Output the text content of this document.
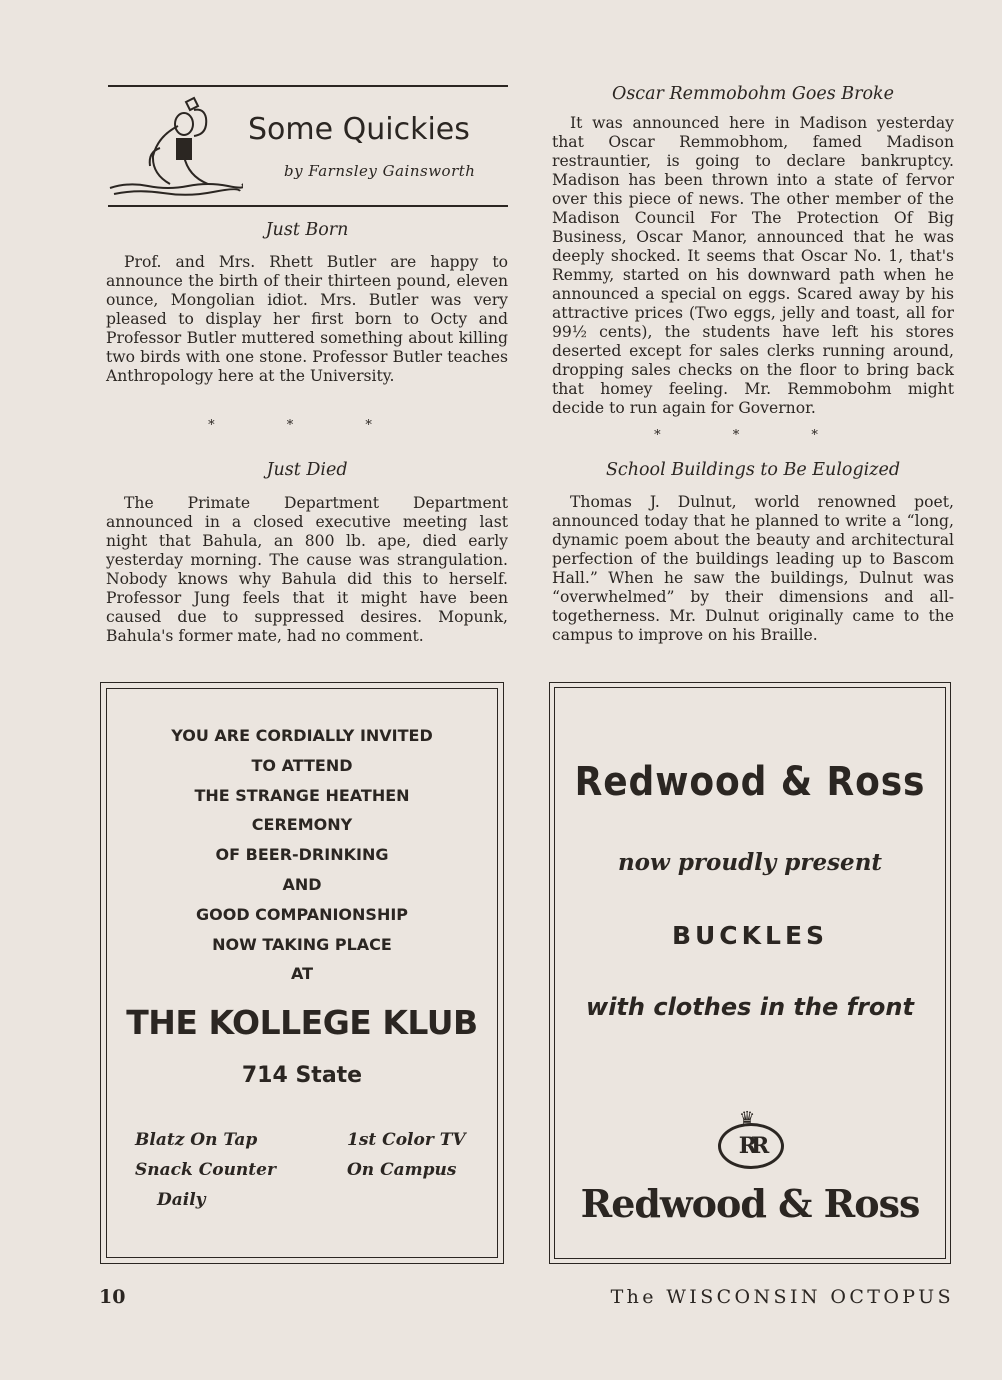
Some Quickies
by Farnsley Gainsworth

Just Born

Prof. and Mrs. Rhett Butler are happy to announce the birth of their thirteen pound, eleven ounce, Mongolian idiot. Mrs. Butler was very pleased to display her first born to Octy and Professor Butler muttered something about killing two birds with one stone. Professor Butler teaches Anthropology here at the University.

* * *

Just Died

The Primate Department Department announced in a closed executive meeting last night that Bahula, an 800 lb. ape, died early yesterday morning. The cause was strangulation. Nobody knows why Bahula did this to herself. Professor Jung feels that it might have been caused due to suppressed desires. Mopunk, Bahula's former mate, had no comment.

Oscar Remmobohm Goes Broke

It was announced here in Madison yesterday that Oscar Remmobhom, famed Madison restrauntier, is going to declare bankruptcy. Madison has been thrown into a state of fervor over this piece of news. The other member of the Madison Council For The Protection Of Big Business, Oscar Manor, announced that he was deeply shocked. It seems that Oscar No. 1, that's Remmy, started on his downward path when he announced a special on eggs. Scared away by his attractive prices (Two eggs, jelly and toast, all for 99½ cents), the students have left his stores deserted except for sales clerks running around, dropping sales checks on the floor to bring back that homey feeling. Mr. Remmobohm might decide to run again for Governor.

* * *

School Buildings to Be Eulogized

Thomas J. Dulnut, world renowned poet, announced today that he planned to write a “long, dynamic poem about the beauty and architectural perfection of the buildings leading up to Bascom Hall.” When he saw the buildings, Dulnut was “overwhelmed” by their dimensions and all-togetherness. Mr. Dulnut originally came to the campus to improve on his Braille.

YOU ARE CORDIALLY INVITED
TO ATTEND
THE STRANGE HEATHEN
CEREMONY
OF BEER-DRINKING
AND
GOOD COMPANIONSHIP
NOW TAKING PLACE
AT
THE KOLLEGE KLUB
714 State
Blatz On Tap
Snack Counter
Daily
1st Color TV
On Campus
Redwood & Ross
now proudly present
BUCKLES
with clothes in the front
♛
RR
Redwood & Ross
10	The WISCONSIN OCTOPUS
